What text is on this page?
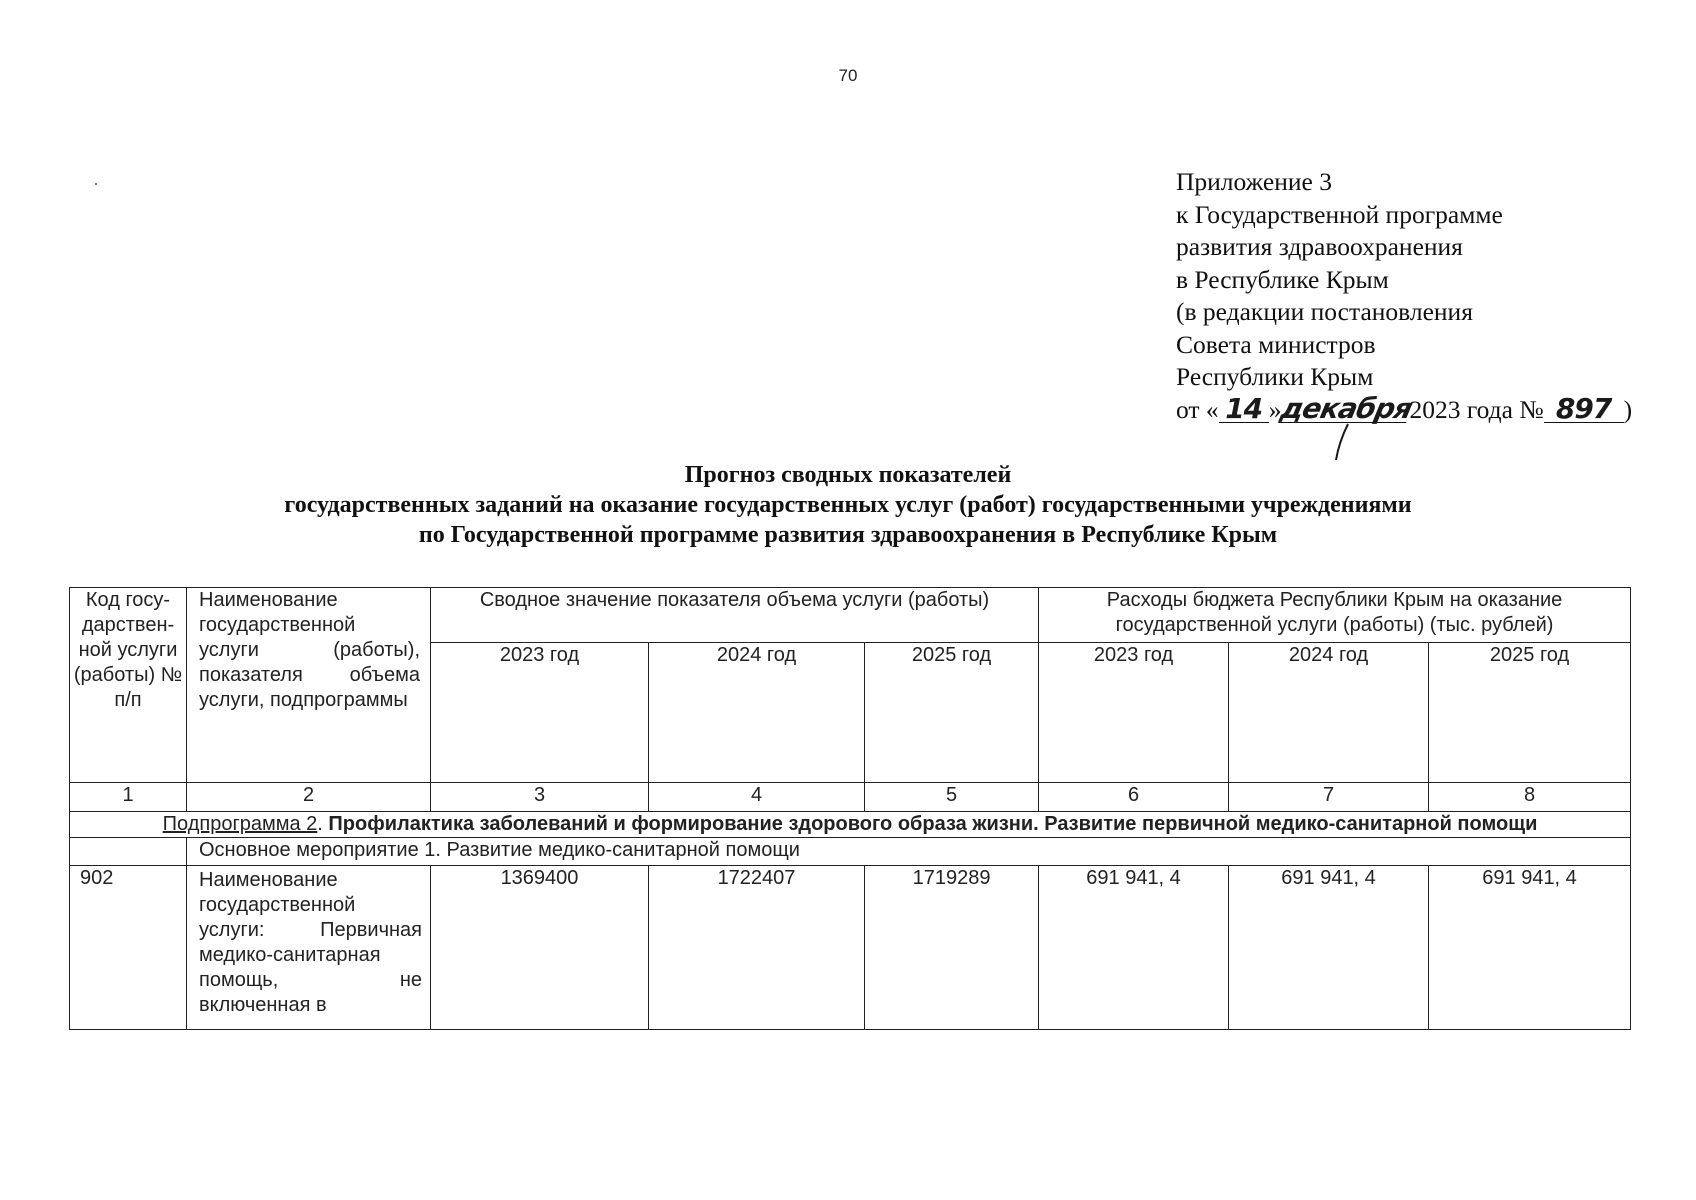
70
Приложение 3
к Государственной программе
развития здравоохранения
в Республике Крым
(в редакции постановления
Совета министров
Республики Крым
от « 14 »декабря2023 года № 897 )
Прогноз сводных показателей
государственных заданий на оказание государственных услуг (работ) государственными учреждениями
по Государственной программе развития здравоохранения в Республике Крым
Код госу-дарствен-ной услуги (работы) № п/п	Наименование государственной услуги (работы), показателя объема услуги, подпрограммы	Сводное значение показателя объема услуги (работы)			Расходы бюджета Республики Крым на оказание государственной услуги (работы) (тыс. рублей)		
		2023 год	2024 год	2025 год	2023 год	2024 год	2025 год
1	2	3	4	5	6	7	8
Подпрограмма 2. Профилактика заболеваний и формирование здорового образа жизни. Развитие первичной медико-санитарной помощи							
	Основное мероприятие 1. Развитие медико-санитарной помощи						
902	Наименование государственной услуги: Первичная медико-санитарная помощь, не включенная в	1369400	1722407	1719289	691 941, 4	691 941, 4	691 941, 4
